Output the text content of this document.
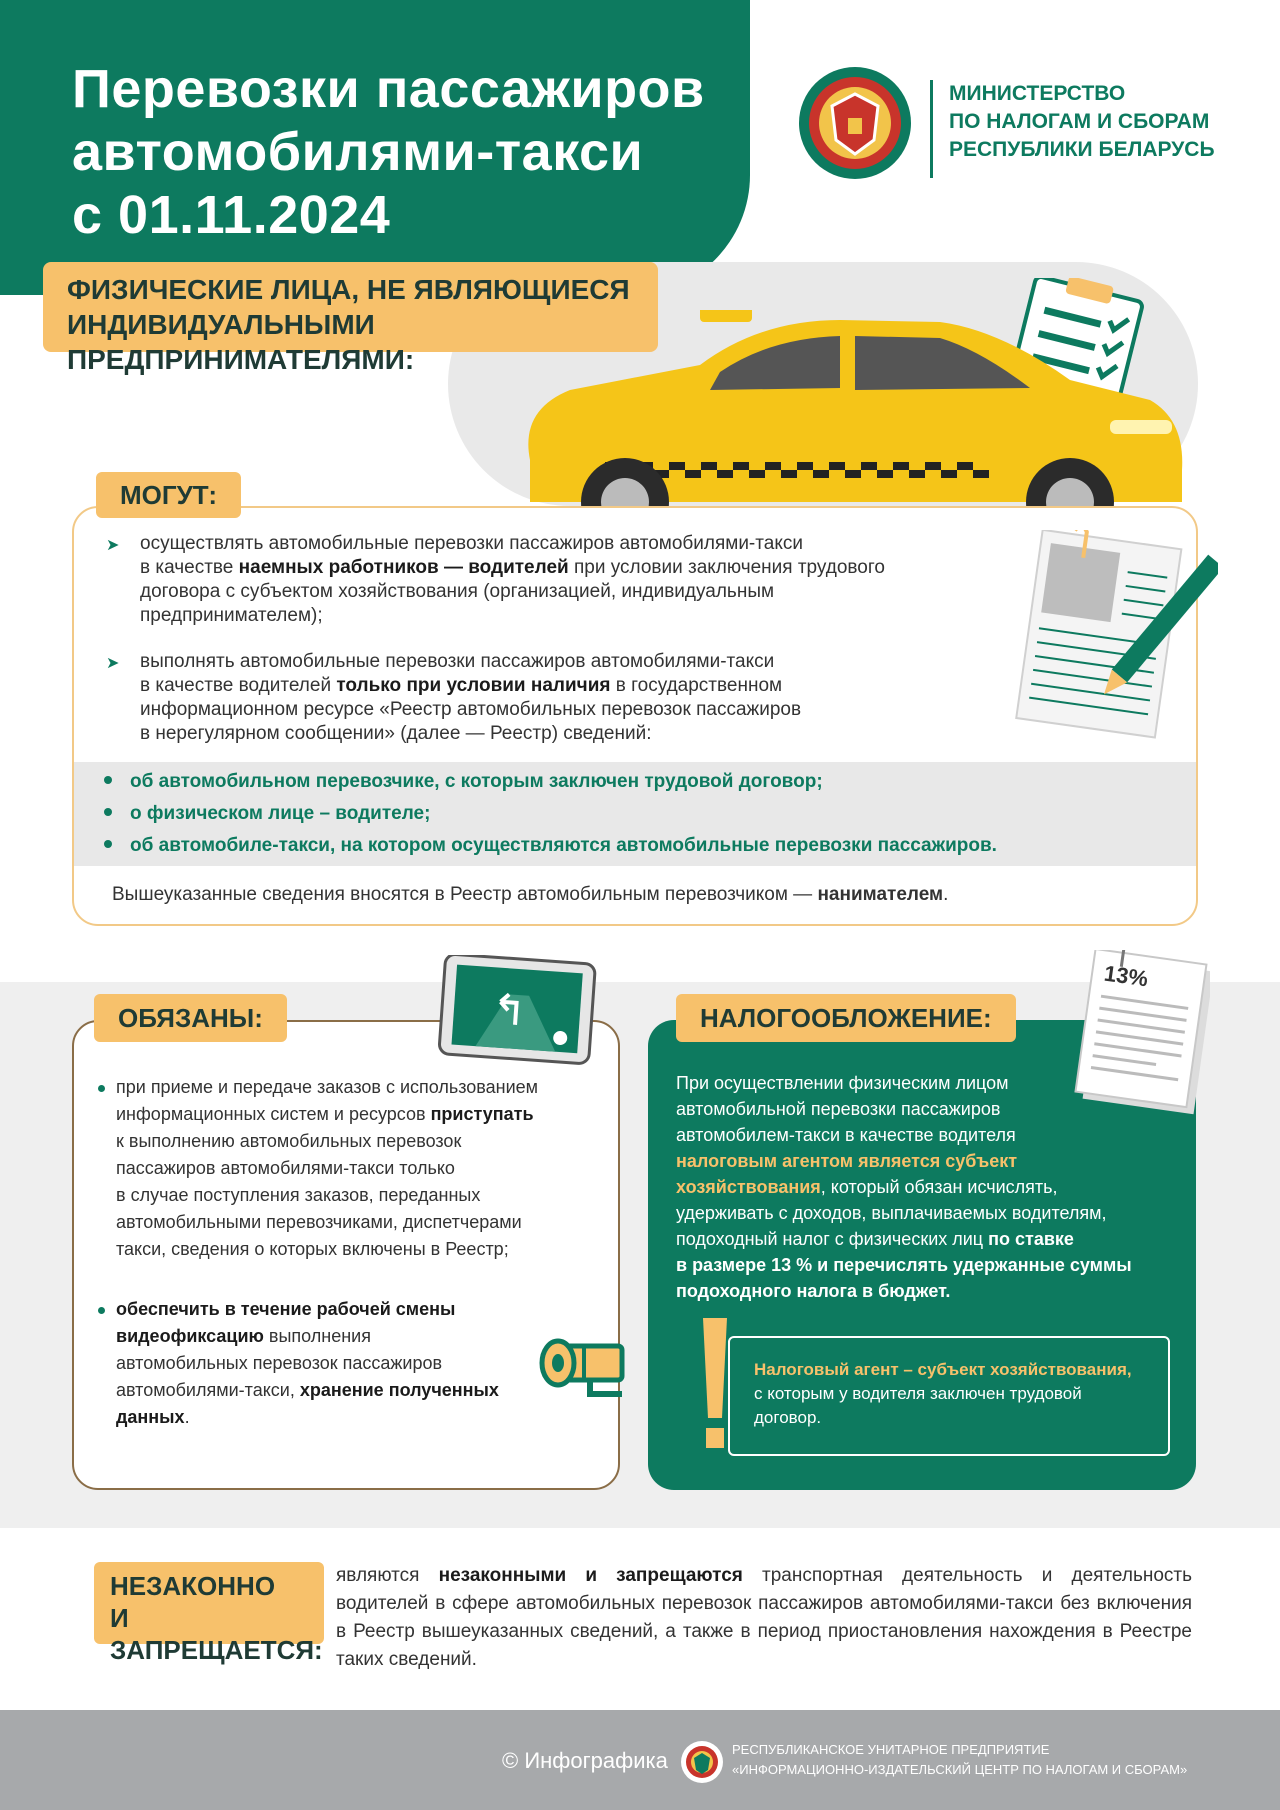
Перевозки пассажиров
автомобилями-такси
с 01.11.2024
ФИЗИЧЕСКИЕ ЛИЦА, НЕ ЯВЛЯЮЩИЕСЯ
ИНДИВИДУАЛЬНЫМИ ПРЕДПРИНИМАТЕЛЯМИ:
МИНИСТЕРСТВО
ПО НАЛОГАМ И СБОРАМ
РЕСПУБЛИКИ БЕЛАРУСЬ
МОГУТ:
➤ осуществлять автомобильные перевозки пассажиров автомобилями-такси
в качестве наемных работников — водителей при условии заключения трудового
договора с субъектом хозяйствования (организацией, индивидуальным
предпринимателем);
➤ выполнять автомобильные перевозки пассажиров автомобилями-такси
в качестве водителей только при условии наличия в государственном
информационном ресурсе «Реестр автомобильных перевозок пассажиров
в нерегулярном сообщении» (далее — Реестр) сведений:
об автомобильном перевозчике, с которым заключен трудовой договор;
о физическом лице – водителе;
об автомобиле-такси, на котором осуществляются автомобильные перевозки пассажиров.
Вышеуказанные сведения вносятся в Реестр автомобильным перевозчиком — нанимателем.
ОБЯЗАНЫ:
при приеме и передаче заказов с использованием
информационных систем и ресурсов приступать
к выполнению автомобильных перевозок
пассажиров автомобилями-такси только
в случае поступления заказов, переданных
автомобильными перевозчиками, диспетчерами
такси, сведения о которых включены в Реестр;
обеспечить в течение рабочей смены
видеофиксацию выполнения
автомобильных перевозок пассажиров
автомобилями-такси, хранение полученных
данных.
НАЛОГООБЛОЖЕНИЕ:
13%
При осуществлении физическим лицом
автомобильной перевозки пассажиров
автомобилем-такси в качестве водителя
налоговым агентом является субъект
хозяйствования, который обязан исчислять,
удерживать с доходов, выплачиваемых водителям,
подоходный налог с физических лиц по ставке
в размере 13 % и перечислять удержанные суммы
подоходного налога в бюджет.
Налоговый агент – субъект хозяйствования,
с которым у водителя заключен трудовой
договор.
НЕЗАКОННО
И ЗАПРЕЩАЕТСЯ:
являются незаконными и запрещаются транспортная деятельность и деятельность водителей в сфере автомобильных перевозок пассажиров автомобилями-такси без включения в Реестр вышеуказанных сведений, а также в период приостановления нахождения в Реестре таких сведений.
© Инфографика	РЕСПУБЛИКАНСКОЕ УНИТАРНОЕ ПРЕДПРИЯТИЕ
«ИНФОРМАЦИОННО-ИЗДАТЕЛЬСКИЙ ЦЕНТР ПО НАЛОГАМ И СБОРАМ»
